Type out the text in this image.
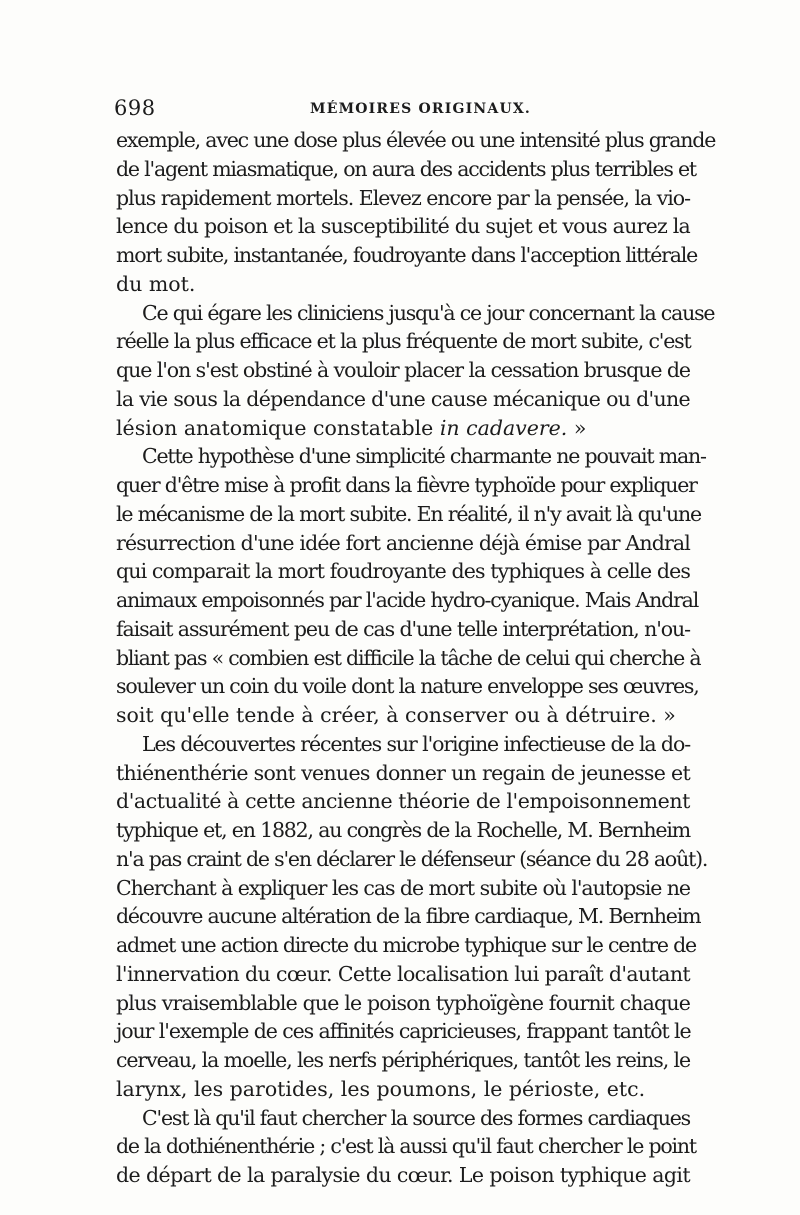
698	MÉMOIRES ORIGINAUX.
exemple, avec une dose plus élevée ou une intensité plus grande
de l'agent miasmatique, on aura des accidents plus terribles et
plus rapidement mortels. Elevez encore par la pensée, la vio-
lence du poison et la susceptibilité du sujet et vous aurez la
mort subite, instantanée, foudroyante dans l'acception littérale
du mot.
Ce qui égare les cliniciens jusqu'à ce jour concernant la cause
réelle la plus efficace et la plus fréquente de mort subite, c'est
que l'on s'est obstiné à vouloir placer la cessation brusque de
la vie sous la dépendance d'une cause mécanique ou d'une
lésion anatomique constatable in cadavere. »
Cette hypothèse d'une simplicité charmante ne pouvait man-
quer d'être mise à profit dans la fièvre typhoïde pour expliquer
le mécanisme de la mort subite. En réalité, il n'y avait là qu'une
résurrection d'une idée fort ancienne déjà émise par Andral
qui comparait la mort foudroyante des typhiques à celle des
animaux empoisonnés par l'acide hydro-cyanique. Mais Andral
faisait assurément peu de cas d'une telle interprétation, n'ou-
bliant pas « combien est difficile la tâche de celui qui cherche à
soulever un coin du voile dont la nature enveloppe ses œuvres,
soit qu'elle tende à créer, à conserver ou à détruire. »
Les découvertes récentes sur l'origine infectieuse de la do-
thiénenthérie sont venues donner un regain de jeunesse et
d'actualité à cette ancienne théorie de l'empoisonnement
typhique et, en 1882, au congrès de la Rochelle, M. Bernheim
n'a pas craint de s'en déclarer le défenseur (séance du 28 août).
Cherchant à expliquer les cas de mort subite où l'autopsie ne
découvre aucune altération de la fibre cardiaque, M. Bernheim
admet une action directe du microbe typhique sur le centre de
l'innervation du cœur. Cette localisation lui paraît d'autant
plus vraisemblable que le poison typhoïgène fournit chaque
jour l'exemple de ces affinités capricieuses, frappant tantôt le
cerveau, la moelle, les nerfs périphériques, tantôt les reins, le
larynx, les parotides, les poumons, le périoste, etc.
C'est là qu'il faut chercher la source des formes cardiaques
de la dothiénenthérie ; c'est là aussi qu'il faut chercher le point
de départ de la paralysie du cœur. Le poison typhique agit
